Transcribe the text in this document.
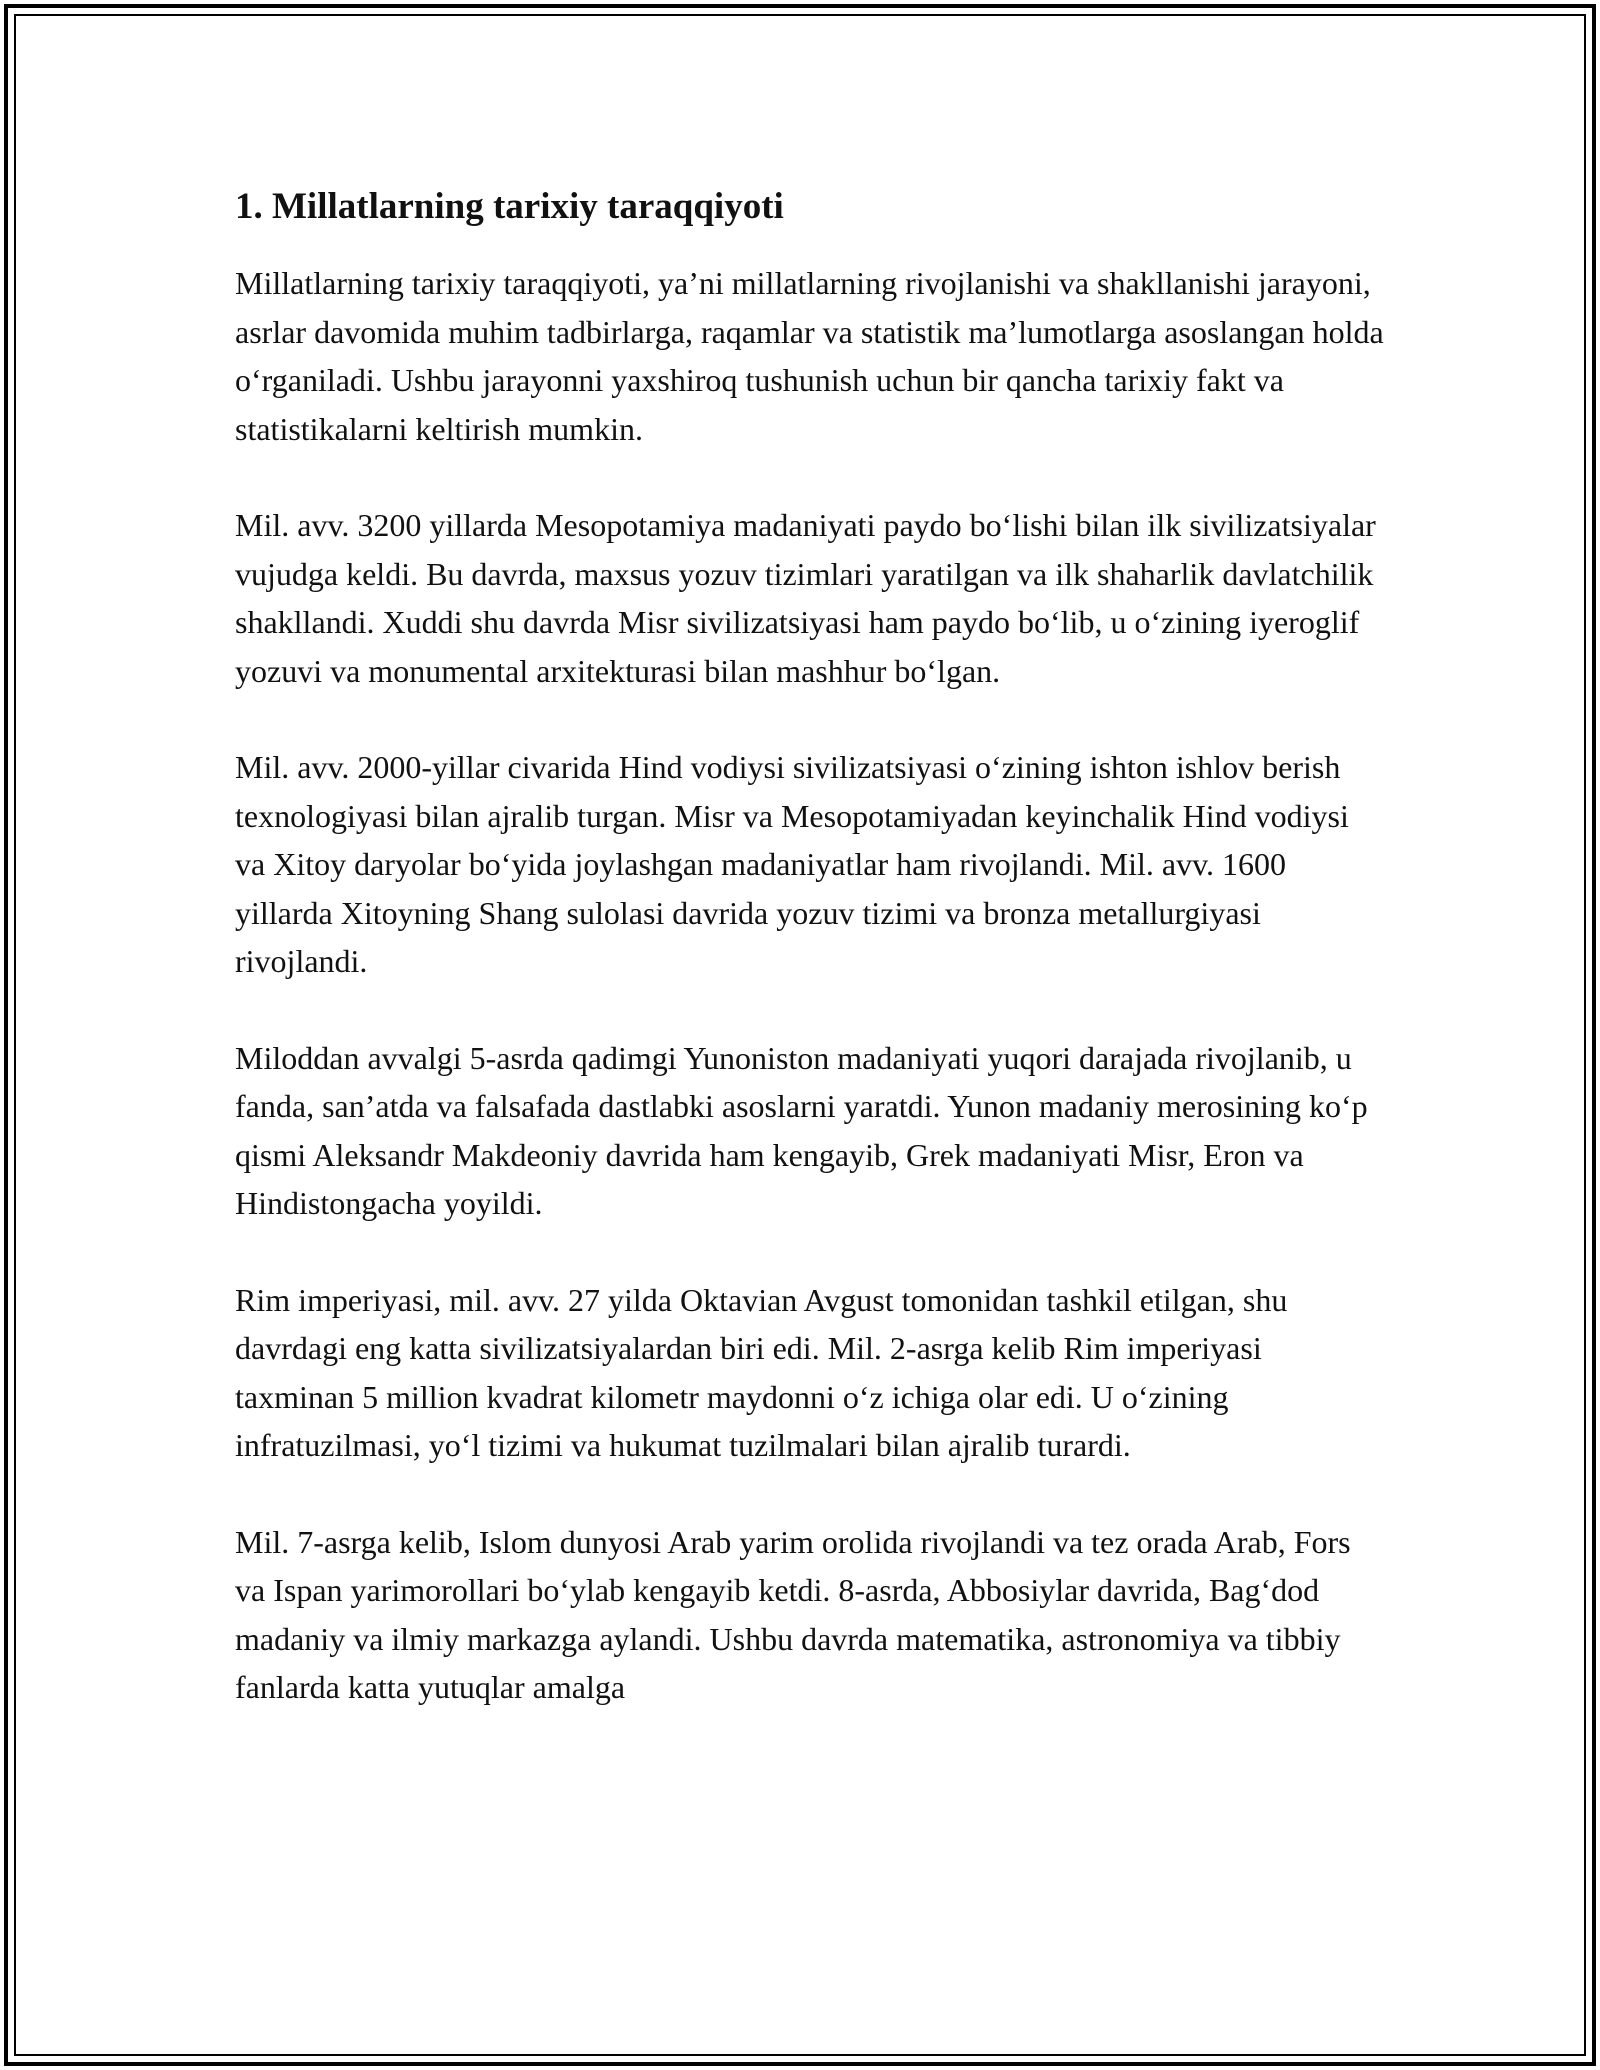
1. Millatlarning tarixiy taraqqiyoti

Millatlarning tarixiy taraqqiyoti, ya’ni millatlarning rivojlanishi va shakllanishi jarayoni, asrlar davomida muhim tadbirlarga, raqamlar va statistik ma’lumotlarga asoslangan holda o‘rganiladi. Ushbu jarayonni yaxshiroq tushunish uchun bir qancha tarixiy fakt va statistikalarni keltirish mumkin.

Mil. avv. 3200 yillarda Mesopotamiya madaniyati paydo bo‘lishi bilan ilk sivilizatsiyalar vujudga keldi. Bu davrda, maxsus yozuv tizimlari yaratilgan va ilk shaharlik davlatchilik shakllandi. Xuddi shu davrda Misr sivilizatsiyasi ham paydo bo‘lib, u o‘zining iyeroglif yozuvi va monumental arxitekturasi bilan mashhur bo‘lgan.

Mil. avv. 2000-yillar civarida Hind vodiysi sivilizatsiyasi o‘zining ishton ishlov berish texnologiyasi bilan ajralib turgan. Misr va Mesopotamiyadan keyinchalik Hind vodiysi va Xitoy daryolar bo‘yida joylashgan madaniyatlar ham rivojlandi. Mil. avv. 1600 yillarda Xitoyning Shang sulolasi davrida yozuv tizimi va bronza metallurgiyasi rivojlandi.

Miloddan avvalgi 5-asrda qadimgi Yunoniston madaniyati yuqori darajada rivojlanib, u fanda, san’atda va falsafada dastlabki asoslarni yaratdi. Yunon madaniy merosining ko‘p qismi Aleksandr Makdeoniy davrida ham kengayib, Grek madaniyati Misr, Eron va Hindistongacha yoyildi.

Rim imperiyasi, mil. avv. 27 yilda Oktavian Avgust tomonidan tashkil etilgan, shu davrdagi eng katta sivilizatsiyalardan biri edi. Mil. 2-asrga kelib Rim imperiyasi taxminan 5 million kvadrat kilometr maydonni o‘z ichiga olar edi. U o‘zining infratuzilmasi, yo‘l tizimi va hukumat tuzilmalari bilan ajralib turardi.

Mil. 7-asrga kelib, Islom dunyosi Arab yarim orolida rivojlandi va tez orada Arab, Fors va Ispan yarimorollari bo‘ylab kengayib ketdi. 8-asrda, Abbosiylar davrida, Bag‘dod madaniy va ilmiy markazga aylandi. Ushbu davrda matematika, astronomiya va tibbiy fanlarda katta yutuqlar amalga
